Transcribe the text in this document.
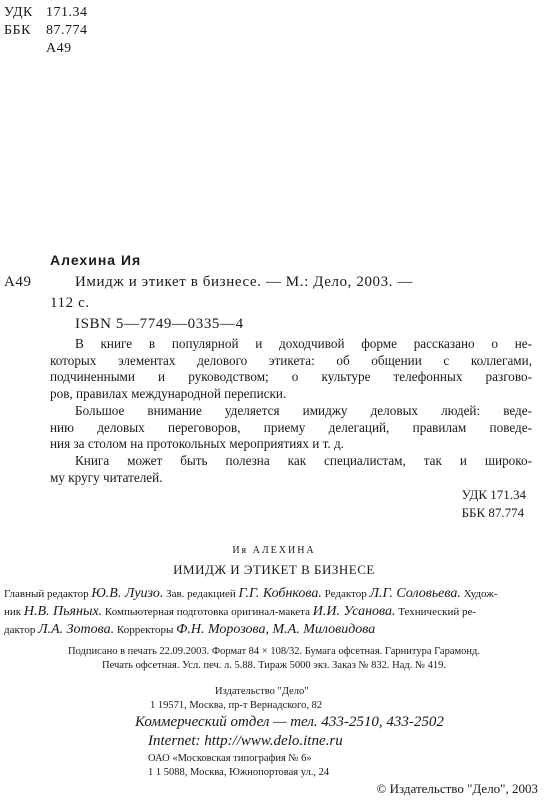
УДК 171.34
ББК 87.774
А49
Алехина Ия
А49	Имидж и этикет в бизнесе. — М.: Дело, 2003. —
112 с.
ISBN 5—7749—0335—4
В книге в популярной и доходчивой форме рассказано о не-
которых элементах делового этикета: об общении с коллегами,
подчиненными и руководством; о культуре телефонных разгово-
ров, правилах международной переписки.
Большое внимание уделяется имиджу деловых людей: веде-
нию деловых переговоров, приему делегаций, правилам поведе-
ния за столом на протокольных мероприятиях и т. д.
Книга может быть полезна как специалистам, так и широко-
му кругу читателей.
УДК 171.34
ББК 87.774
Ия АЛЕХИНА
ИМИДЖ И ЭТИКЕТ В БИЗНЕСЕ
Главный редактор Ю.В. Луизо. Зав. редакцией Г.Г. Кобнкова. Редактор Л.Г. Соловьева. Худож-
ник Н.В. Пьяных. Компьютерная подготовка оригинал-макета И.И. Усанова. Технический ре-
дактор Л.А. Зотова. Корректоры Ф.Н. Морозова, М.А. Миловидова
Подписано в печать 22.09.2003. Формат 84 × 108/32. Бумага офсетная. Гарнитура Гарамонд.
Печать офсетная. Усл. печ. л. 5.88. Тираж 5000 экз. Заказ № 832. Над. № 419.
Издательство "Дело"
1 19571, Москва, пр-т Вернадского, 82
Коммерческий отдел — тел. 433-2510, 433-2502
Internet: http://www.delo.itne.ru
ОАО «Московская типография № 6»
1 1 5088, Москва, Южнопортовая ул., 24
© Издательство "Дело", 2003
